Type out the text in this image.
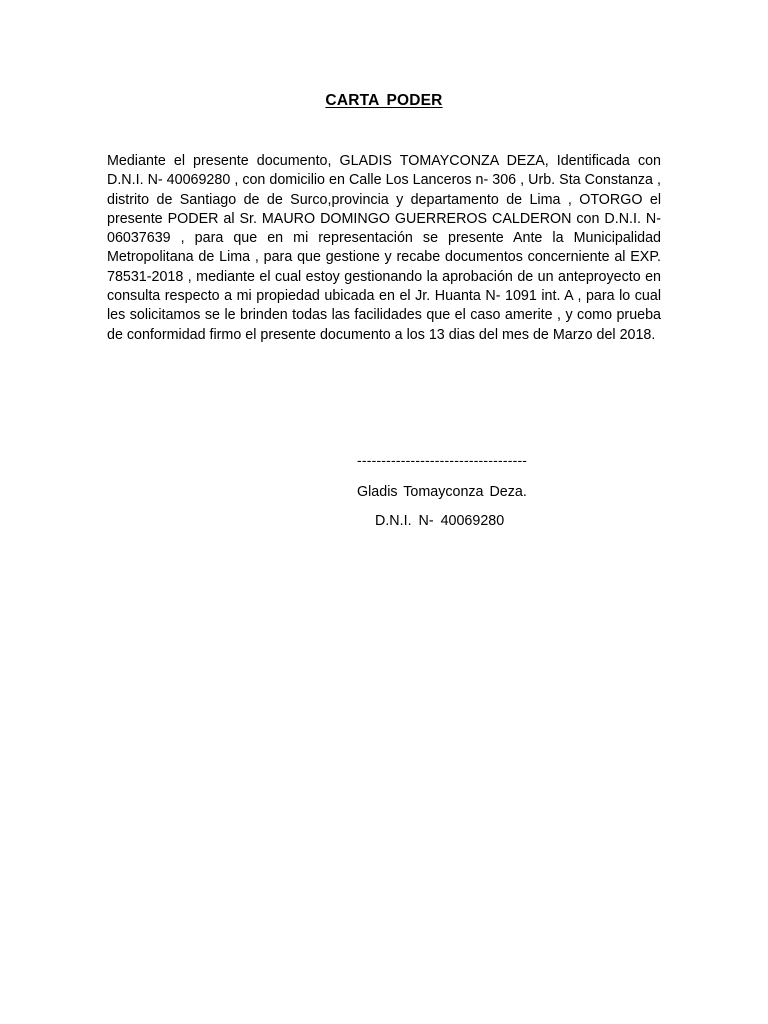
CARTA PODER

Mediante el presente documento, GLADIS TOMAYCONZA DEZA, Identificada con D.N.I. N- 40069280 , con domicilio en Calle Los Lanceros n- 306 , Urb. Sta Constanza , distrito de Santiago de de Surco,provincia y departamento de Lima , OTORGO el presente PODER al Sr. MAURO DOMINGO GUERREROS CALDERON con D.N.I. N- 06037639 , para que en mi representación se presente Ante la Municipalidad Metropolitana de Lima , para que gestione y recabe documentos concerniente al EXP. 78531-2018 , mediante el cual estoy gestionando la aprobación de un anteproyecto en consulta respecto a mi propiedad ubicada en el Jr. Huanta N- 1091 int. A , para lo cual les solicitamos se le brinden todas las facilidades que el caso amerite , y como prueba de conformidad firmo el presente documento a los 13 dias del mes de Marzo del 2018.

-----------------------------------
Gladis Tomayconza Deza.
D.N.I. N- 40069280
